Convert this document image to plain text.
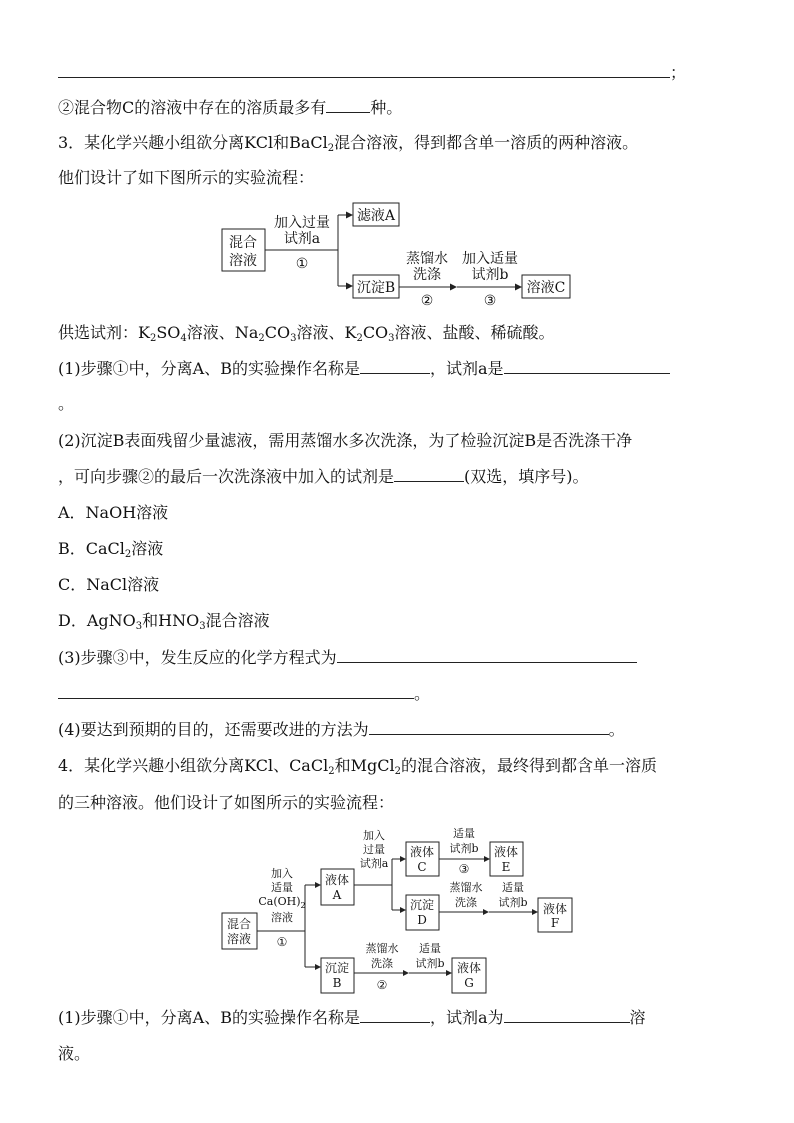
；
②混合物C的溶液中存在的溶质最多有	种。
3．某化学兴趣小组欲分离KCl和BaCl$_2$混合溶液，得到都含单一溶质的两种溶液。
他们设计了如下图所示的实验流程：
混合
溶液
加入过量
试剂a
①
滤液A
沉淀B
蒸馏水
洗涤
②
加入适量
试剂b
③
溶液C
供选试剂：$K_2SO_4$溶液、$Na_2CO_3$溶液、$K_2CO_3$溶液、盐酸、稀硫酸。
(1)步骤①中，分离A、B的实验操作名称是	，试剂a是
。
(2)沉淀B表面残留少量滤液，需用蒸馏水多次洗涤，为了检验沉淀B是否洗涤干净
，可向步骤②的最后一次洗涤液中加入的试剂是	(双选，填序号)。
A．NaOH溶液
B．CaCl$_2$溶液
C．NaCl溶液
D．AgNO$_3$和$HNO_3$混合溶液
(3)步骤③中，发生反应的化学方程式为
。
(4)要达到预期的目的，还需要改进的方法为	。
4．某化学兴趣小组欲分离KCl、CaCl$_2$和MgCl$_2$的混合溶液，最终得到都含单一溶质
的三种溶液。他们设计了如图所示的实验流程：
混合
溶液
加入
适量
$Ca(OH)_2$
溶液
①
液体
A
加入
过量
试剂a
液体
C
适量
试剂b
③
液体
E
沉淀
D
蒸馏水
洗涤
适量
试剂b 液体
F
沉淀
B
蒸馏水
洗涤
②
适量
试剂b 液体
G
(1)步骤①中，分离A、B的实验操作名称是	，试剂a为	溶
液。
